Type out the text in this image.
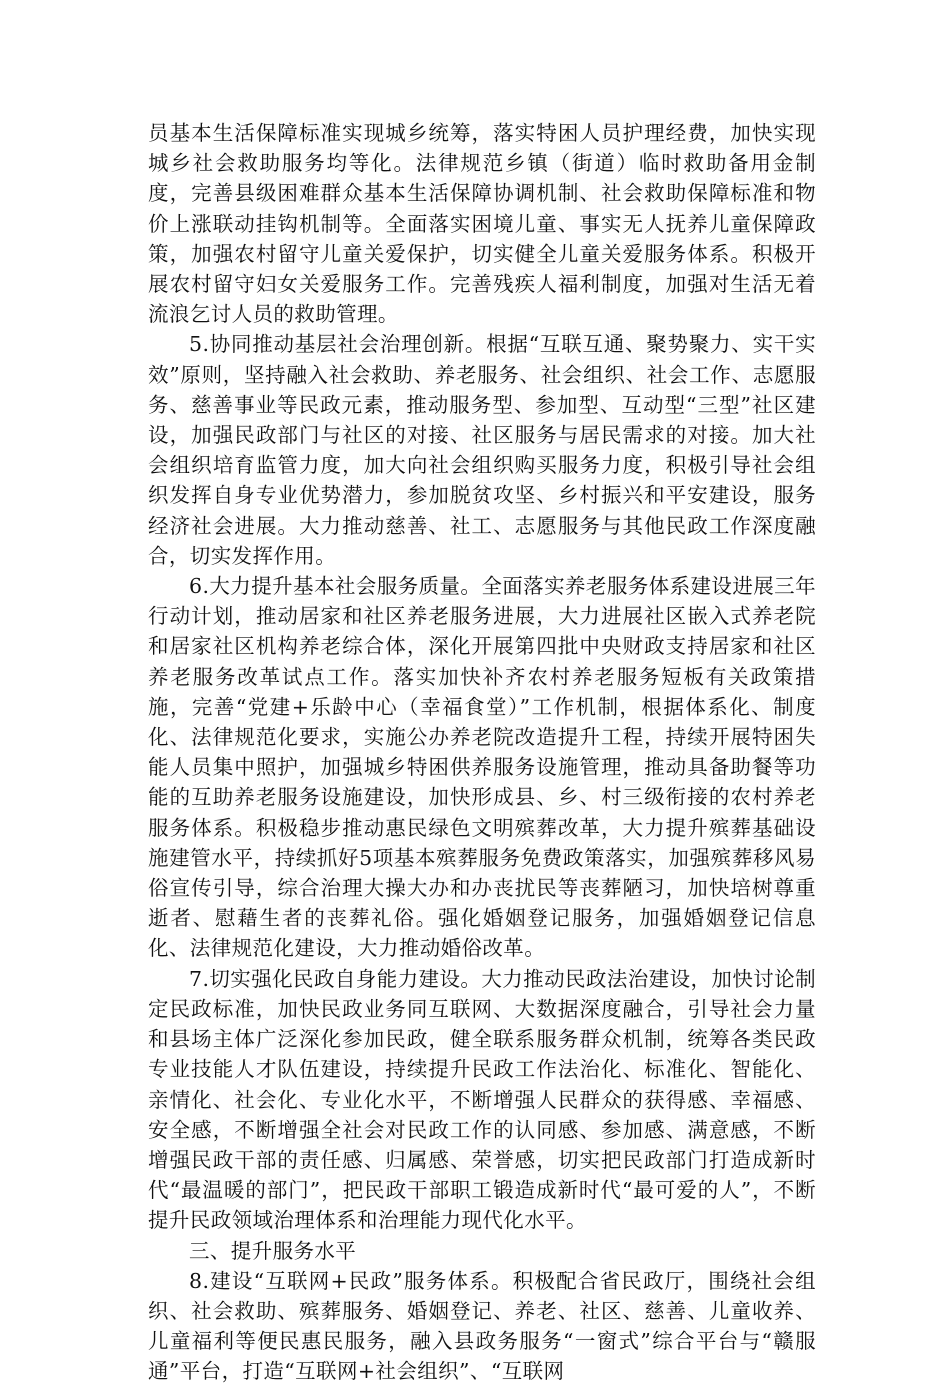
员基本生活保障标准实现城乡统筹，落实特困人员护理经费，加快实现城乡社会救助服务均等化。法律规范乡镇（街道）临时救助备用金制度，完善县级困难群众基本生活保障协调机制、社会救助保障标准和物价上涨联动挂钩机制等。全面落实困境儿童、事实无人抚养儿童保障政策，加强农村留守儿童关爱保护，切实健全儿童关爱服务体系。积极开展农村留守妇女关爱服务工作。完善残疾人福利制度，加强对生活无着流浪乞讨人员的救助管理。

5.协同推动基层社会治理创新。根据“互联互通、聚势聚力、实干实效”原则，坚持融入社会救助、养老服务、社会组织、社会工作、志愿服务、慈善事业等民政元素，推动服务型、参加型、互动型“三型”社区建设，加强民政部门与社区的对接、社区服务与居民需求的对接。加大社会组织培育监管力度，加大向社会组织购买服务力度，积极引导社会组织发挥自身专业优势潜力，参加脱贫攻坚、乡村振兴和平安建设，服务经济社会进展。大力推动慈善、社工、志愿服务与其他民政工作深度融合，切实发挥作用。

6.大力提升基本社会服务质量。全面落实养老服务体系建设进展三年行动计划，推动居家和社区养老服务进展，大力进展社区嵌入式养老院和居家社区机构养老综合体，深化开展第四批中央财政支持居家和社区养老服务改革试点工作。落实加快补齐农村养老服务短板有关政策措施，完善“党建+乐龄中心（幸福食堂）”工作机制，根据体系化、制度化、法律规范化要求，实施公办养老院改造提升工程，持续开展特困失能人员集中照护，加强城乡特困供养服务设施管理，推动具备助餐等功能的互助养老服务设施建设，加快形成县、乡、村三级衔接的农村养老服务体系。积极稳步推动惠民绿色文明殡葬改革，大力提升殡葬基础设施建管水平，持续抓好5项基本殡葬服务免费政策落实，加强殡葬移风易俗宣传引导，综合治理大操大办和办丧扰民等丧葬陋习，加快培树尊重逝者、慰藉生者的丧葬礼俗。强化婚姻登记服务，加强婚姻登记信息化、法律规范化建设，大力推动婚俗改革。

7.切实强化民政自身能力建设。大力推动民政法治建设，加快讨论制定民政标准，加快民政业务同互联网、大数据深度融合，引导社会力量和县场主体广泛深化参加民政，健全联系服务群众机制，统筹各类民政专业技能人才队伍建设，持续提升民政工作法治化、标准化、智能化、亲情化、社会化、专业化水平，不断增强人民群众的获得感、幸福感、安全感，不断增强全社会对民政工作的认同感、参加感、满意感，不断增强民政干部的责任感、归属感、荣誉感，切实把民政部门打造成新时代“最温暖的部门”，把民政干部职工锻造成新时代“最可爱的人”，不断提升民政领域治理体系和治理能力现代化水平。

三、提升服务水平

8.建设“互联网+民政”服务体系。积极配合省民政厅，围绕社会组织、社会救助、殡葬服务、婚姻登记、养老、社区、慈善、儿童收养、儿童福利等便民惠民服务，融入县政务服务“一窗式”综合平台与“赣服通”平台，打造“互联网+社会组织”、“互联网
